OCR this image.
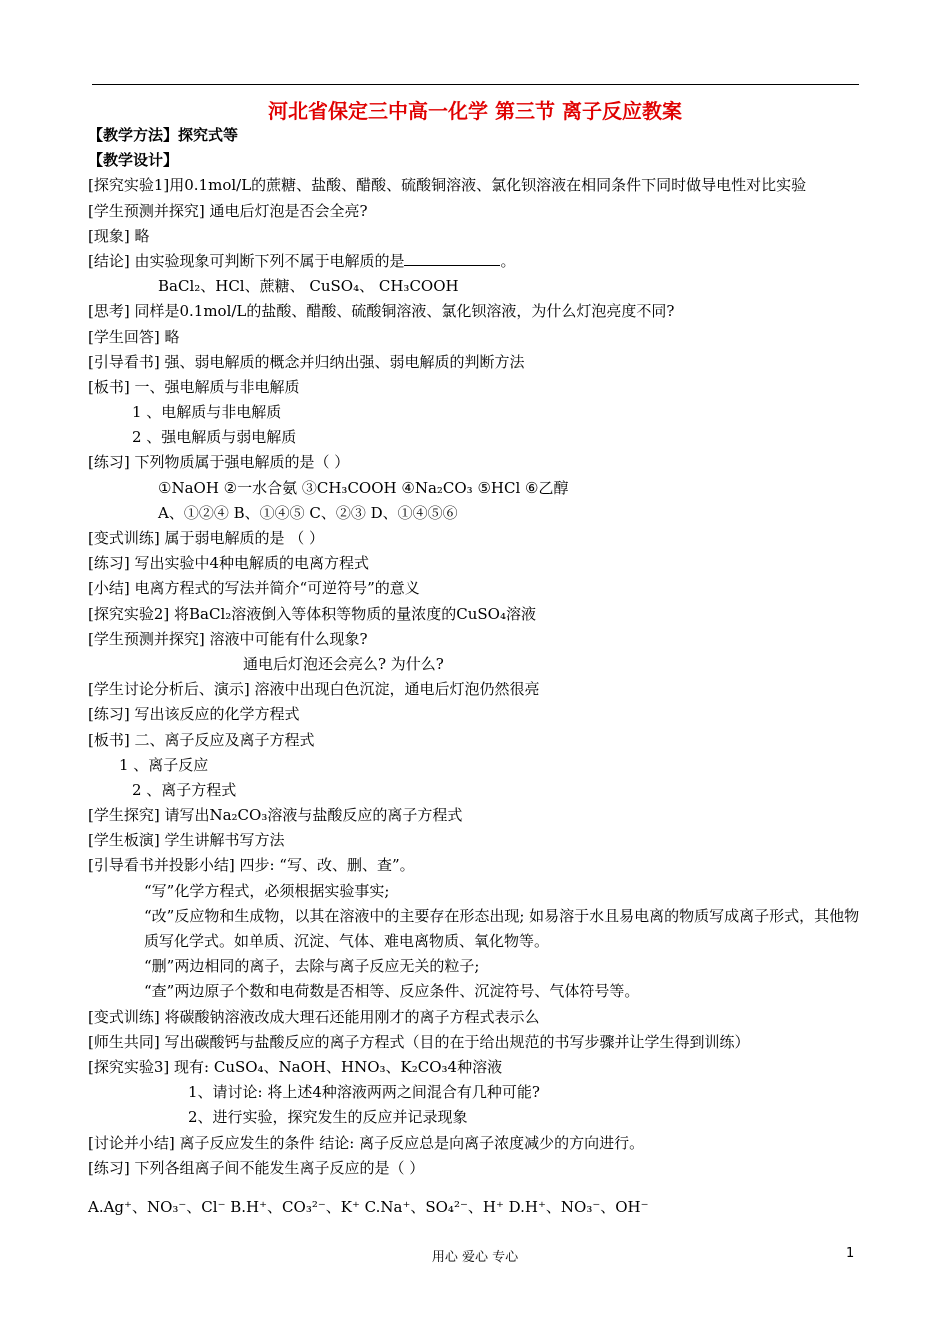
河北省保定三中高一化学 第三节 离子反应教案
【教学方法】探究式等
【教学设计】
[探究实验1]用0.1mol/L的蔗糖、盐酸、醋酸、硫酸铜溶液、氯化钡溶液在相同条件下同时做导电性对比实验
[学生预测并探究] 通电后灯泡是否会全亮?
[现象] 略
[结论] 由实验现象可判断下列不属于电解质的是	。
BaCl₂、HCl、蔗糖、 CuSO₄、 CH₃COOH
[思考] 同样是0.1mol/L的盐酸、醋酸、硫酸铜溶液、氯化钡溶液，为什么灯泡亮度不同?
[学生回答] 略
[引导看书] 强、弱电解质的概念并归纳出强、弱电解质的判断方法
[板书] 一、强电解质与非电解质
1 、电解质与非电解质
2 、强电解质与弱电解质
[练习] 下列物质属于强电解质的是（ ）
①NaOH ②一水合氨 ③CH₃COOH ④Na₂CO₃ ⑤HCl ⑥乙醇
A、①②④ B、①④⑤ C、②③ D、①④⑤⑥
[变式训练] 属于弱电解质的是 （ ）
[练习] 写出实验中4种电解质的电离方程式
[小结] 电离方程式的写法并简介“可逆符号”的意义
[探究实验2] 将BaCl₂溶液倒入等体积等物质的量浓度的CuSO₄溶液
[学生预测并探究] 溶液中可能有什么现象?
通电后灯泡还会亮么? 为什么?
[学生讨论分析后、演示] 溶液中出现白色沉淀，通电后灯泡仍然很亮
[练习] 写出该反应的化学方程式
[板书] 二、离子反应及离子方程式
1 、离子反应
2 、离子方程式
[学生探究] 请写出Na₂CO₃溶液与盐酸反应的离子方程式
[学生板演] 学生讲解书写方法
[引导看书并投影小结] 四步: “写、改、删、查”。
“写”化学方程式，必须根据实验事实;
“改”反应物和生成物，以其在溶液中的主要存在形态出现; 如易溶于水且易电离的物质写成离子形式，其他物质写化学式。如单质、沉淀、气体、难电离物质、氧化物等。
“删”两边相同的离子，去除与离子反应无关的粒子;
“查”两边原子个数和电荷数是否相等、反应条件、沉淀符号、气体符号等。
[变式训练] 将碳酸钠溶液改成大理石还能用刚才的离子方程式表示么
[师生共同] 写出碳酸钙与盐酸反应的离子方程式（目的在于给出规范的书写步骤并让学生得到训练）
[探究实验3] 现有: CuSO₄、NaOH、HNO₃、K₂CO₃4种溶液
1、请讨论: 将上述4种溶液两两之间混合有几种可能?
2、进行实验，探究发生的反应并记录现象
[讨论并小结] 离子反应发生的条件 结论: 离子反应总是向离子浓度减少的方向进行。
[练习] 下列各组离子间不能发生离子反应的是（ ）
A.Ag⁺、NO₃⁻、Cl⁻ B.H⁺、CO₃²⁻、K⁺ C.Na⁺、SO₄²⁻、H⁺ D.H⁺、NO₃⁻、OH⁻
用心 爱心 专心	1
